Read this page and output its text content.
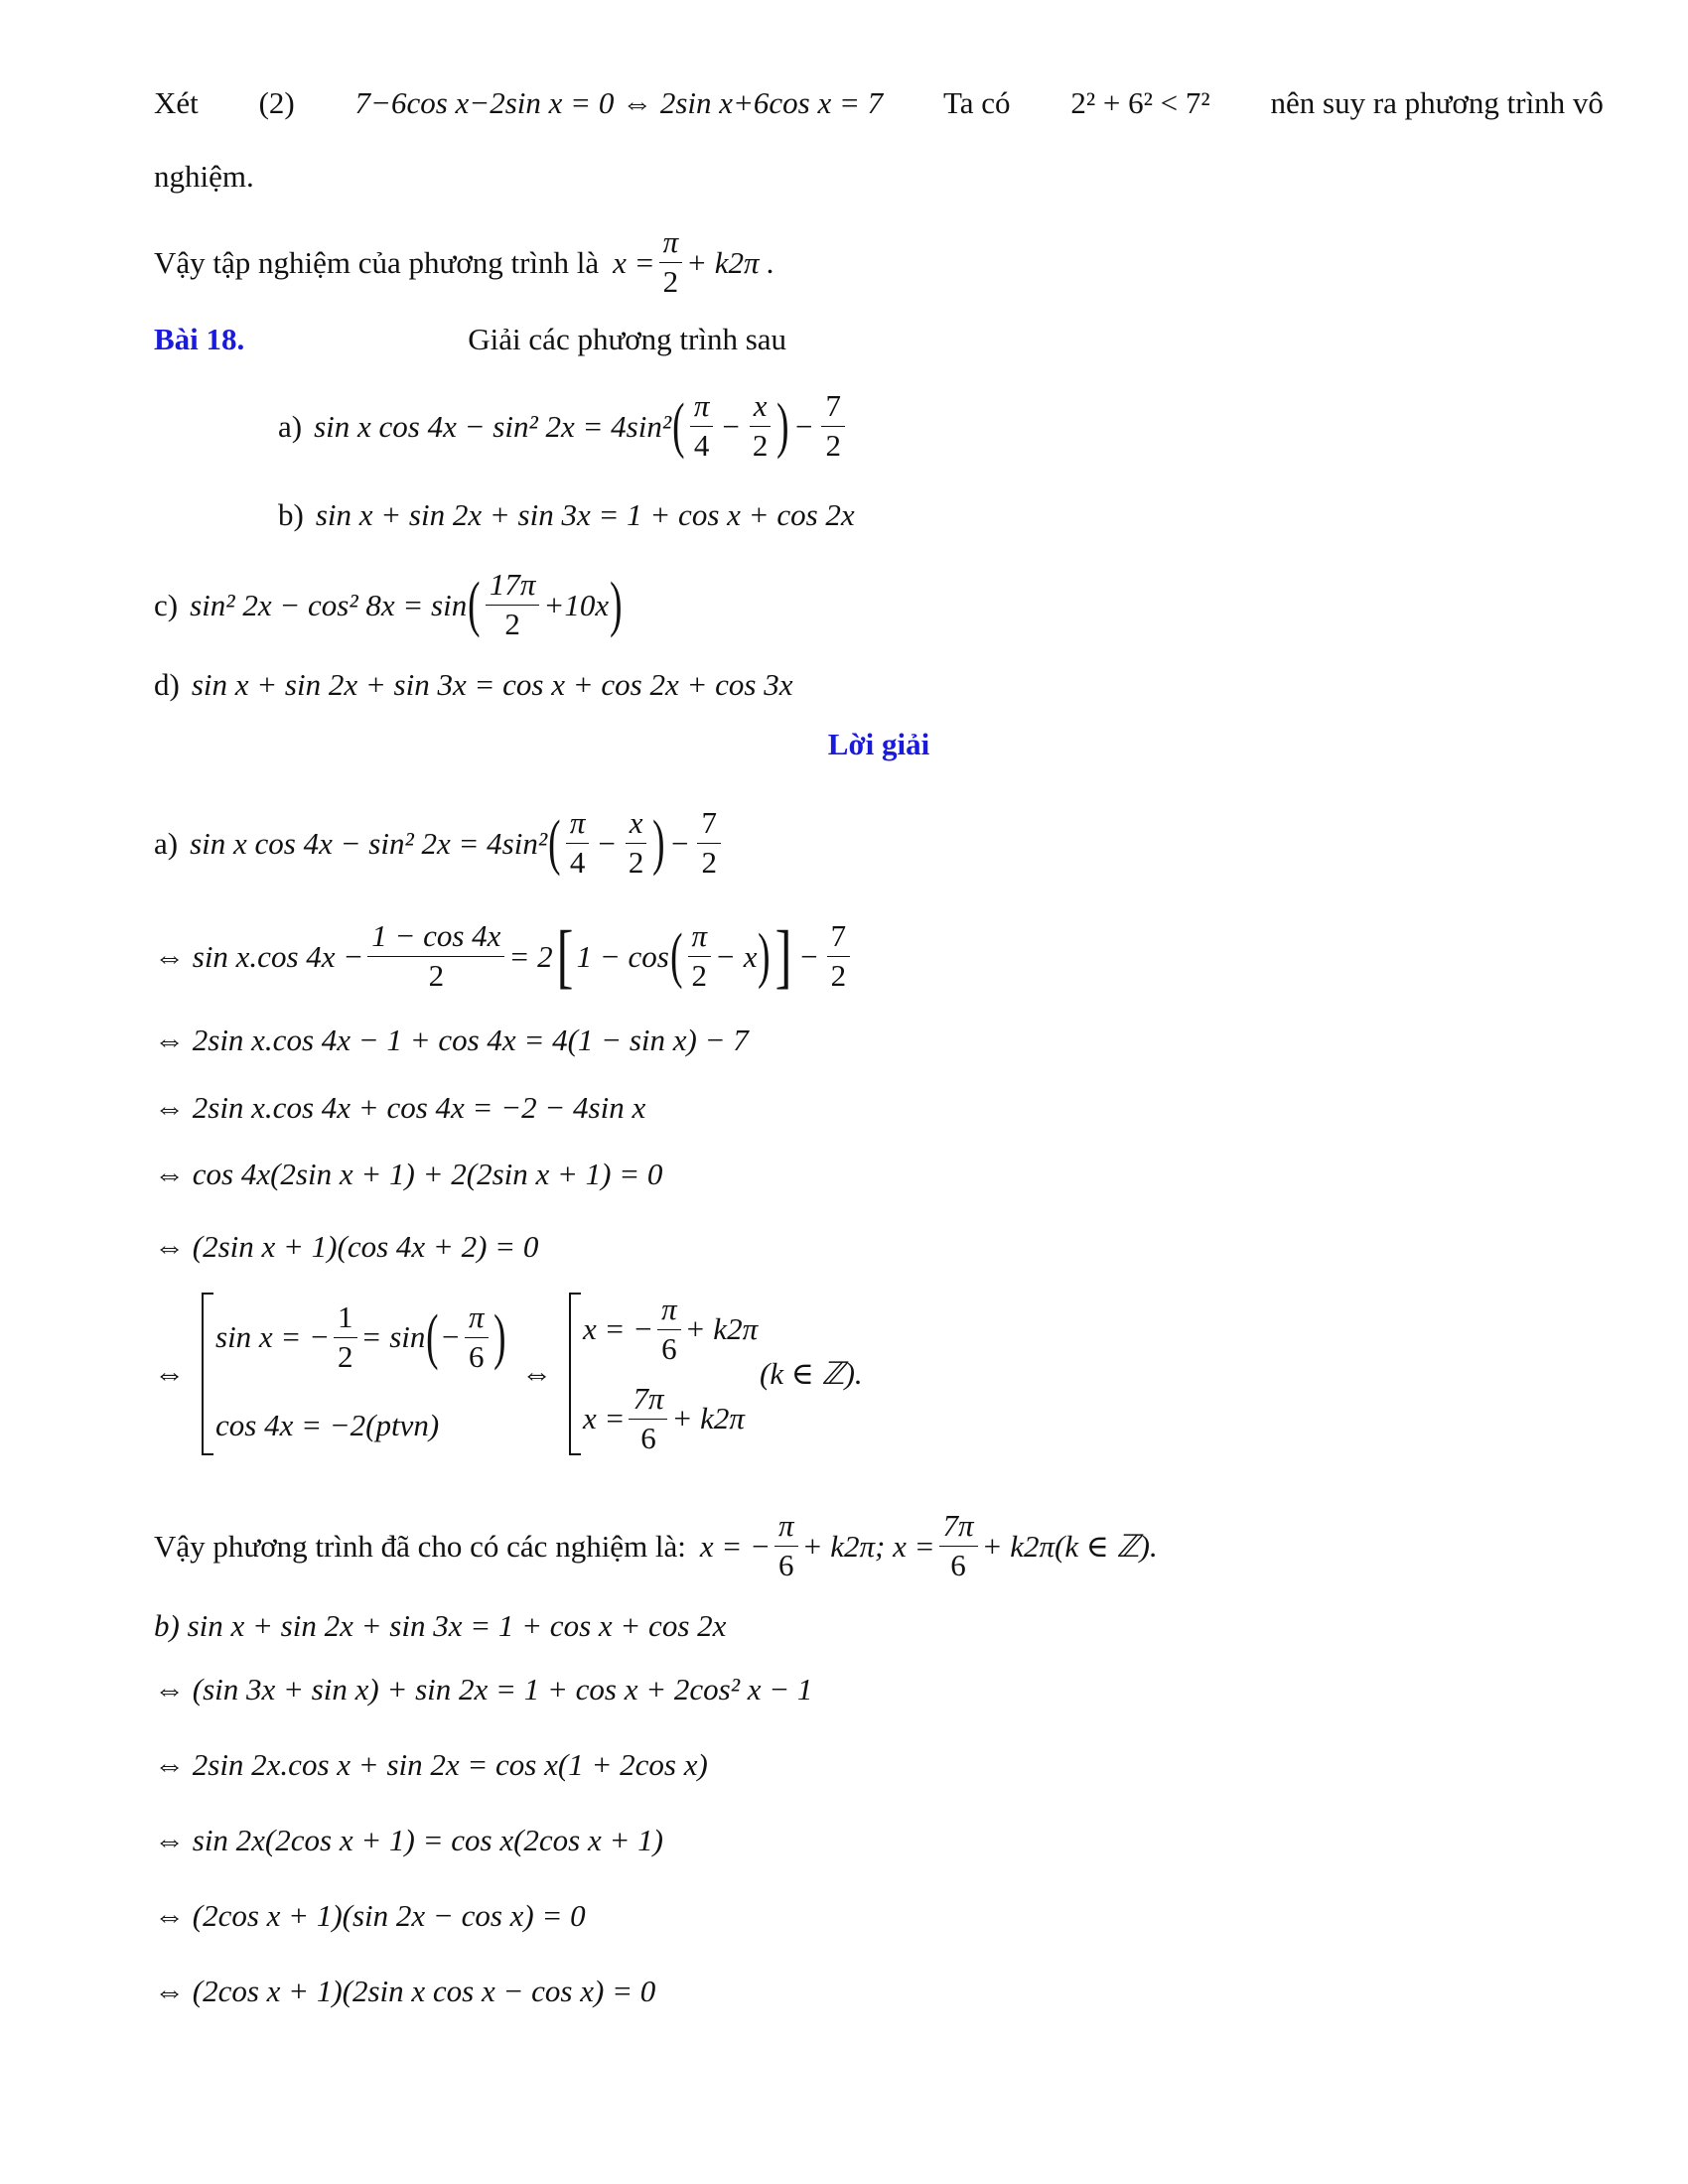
Xét (2) 7−6cos x−2sin x = 0 ⇔ 2sin x+6cos x = 7 Ta có 2² + 6² < 7² nên suy ra phương trình vô
nghiệm.
Vậy tập nghiệm của phương trình là $x = \frac{\pi}{2} + k2\pi$ .
Bài 18.	Giải các phương trình sau
a) sin x cos 4x − sin² 2x = 4sin² ( $\frac{\pi}{4} - \frac{x}{2}$ ) − $\frac{7}{2}$
b) sin x + sin 2x + sin 3x = 1 + cos x + cos 2x
c) sin² 2x − cos² 8x = sin ( $\frac{17\pi}{2} +10x$ )
d) sin x + sin 2x + sin 3x = cos x + cos 2x + cos 3x
Lời giải
a) sin x cos 4x − sin² 2x = 4sin² ( $\frac{\pi}{4} - \frac{x}{2}$ ) − $\frac{7}{2}$
⇔ sin x.cos $4x - \frac{1 - \cos 4x}{2} = 2$ [ 1 − cos ( $\frac{\pi}{2} - x$ ) ] − $\frac{7}{2}$
⇔ 2sin x.cos 4x − 1 + cos 4x = 4(1 − sin x) − 7
⇔ 2sin x.cos 4x + cos 4x = −2 − 4sin x
⇔ cos 4x(2sin x + 1) + 2(2sin x + 1) = 0
⇔ (2sin x + 1)(cos 4x + 2) = 0
⇔
sin x = − $\frac{1}{2} = \sin$ ( − $\frac{\pi}{6}$ )
cos 4x = −2(ptvn)
⇔
x = − $\frac{\pi}{6} + k2\pi$
$x = \frac{7\pi}{6} + k2\pi$
(k ∈ ℤ).
Vậy phương trình đã cho có các nghiệm là: x = − $\frac{\pi}{6} + k2\pi$; $x = \frac{7\pi}{6} + k2\pi(k$ ∈ ℤ).
b) sin x + sin 2x + sin 3x = 1 + cos x + cos 2x
⇔ (sin 3x + sin x) + sin 2x = 1 + cos x + 2cos² x − 1
⇔ 2sin 2x.cos x + sin 2x = cos x(1 + 2cos x)
⇔ sin 2x(2cos x + 1) = cos x(2cos x + 1)
⇔ (2cos x + 1)(sin 2x − cos x) = 0
⇔ (2cos x + 1)(2sin x cos x − cos x) = 0
